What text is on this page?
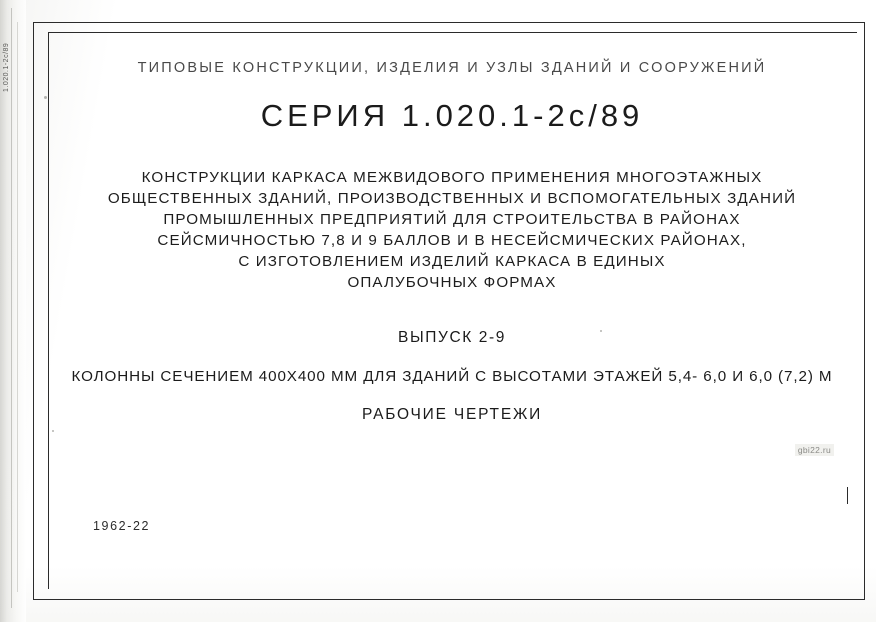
ТИПОВЫЕ КОНСТРУКЦИИ, ИЗДЕЛИЯ И УЗЛЫ ЗДАНИЙ И СООРУЖЕНИЙ
СЕРИЯ 1.020.1-2с/89
КОНСТРУКЦИИ КАРКАСА МЕЖВИДОВОГО ПРИМЕНЕНИЯ МНОГОЭТАЖНЫХ
ОБЩЕСТВЕННЫХ ЗДАНИЙ, ПРОИЗВОДСТВЕННЫХ И ВСПОМОГАТЕЛЬНЫХ ЗДАНИЙ
ПРОМЫШЛЕННЫХ ПРЕДПРИЯТИЙ ДЛЯ СТРОИТЕЛЬСТВА В РАЙОНАХ
СЕЙСМИЧНОСТЬЮ 7,8 И 9 БАЛЛОВ И В НЕСЕЙСМИЧЕСКИХ РАЙОНАХ,
С ИЗГОТОВЛЕНИЕМ ИЗДЕЛИЙ КАРКАСА В ЕДИНЫХ
ОПАЛУБОЧНЫХ ФОРМАХ
ВЫПУСК 2-9
КОЛОННЫ СЕЧЕНИЕМ 400Х400 ММ ДЛЯ ЗДАНИЙ С ВЫСОТАМИ ЭТАЖЕЙ 5,4- 6,0 И 6,0 (7,2) М
РАБОЧИЕ ЧЕРТЕЖИ
gbi22.ru
1962-22
